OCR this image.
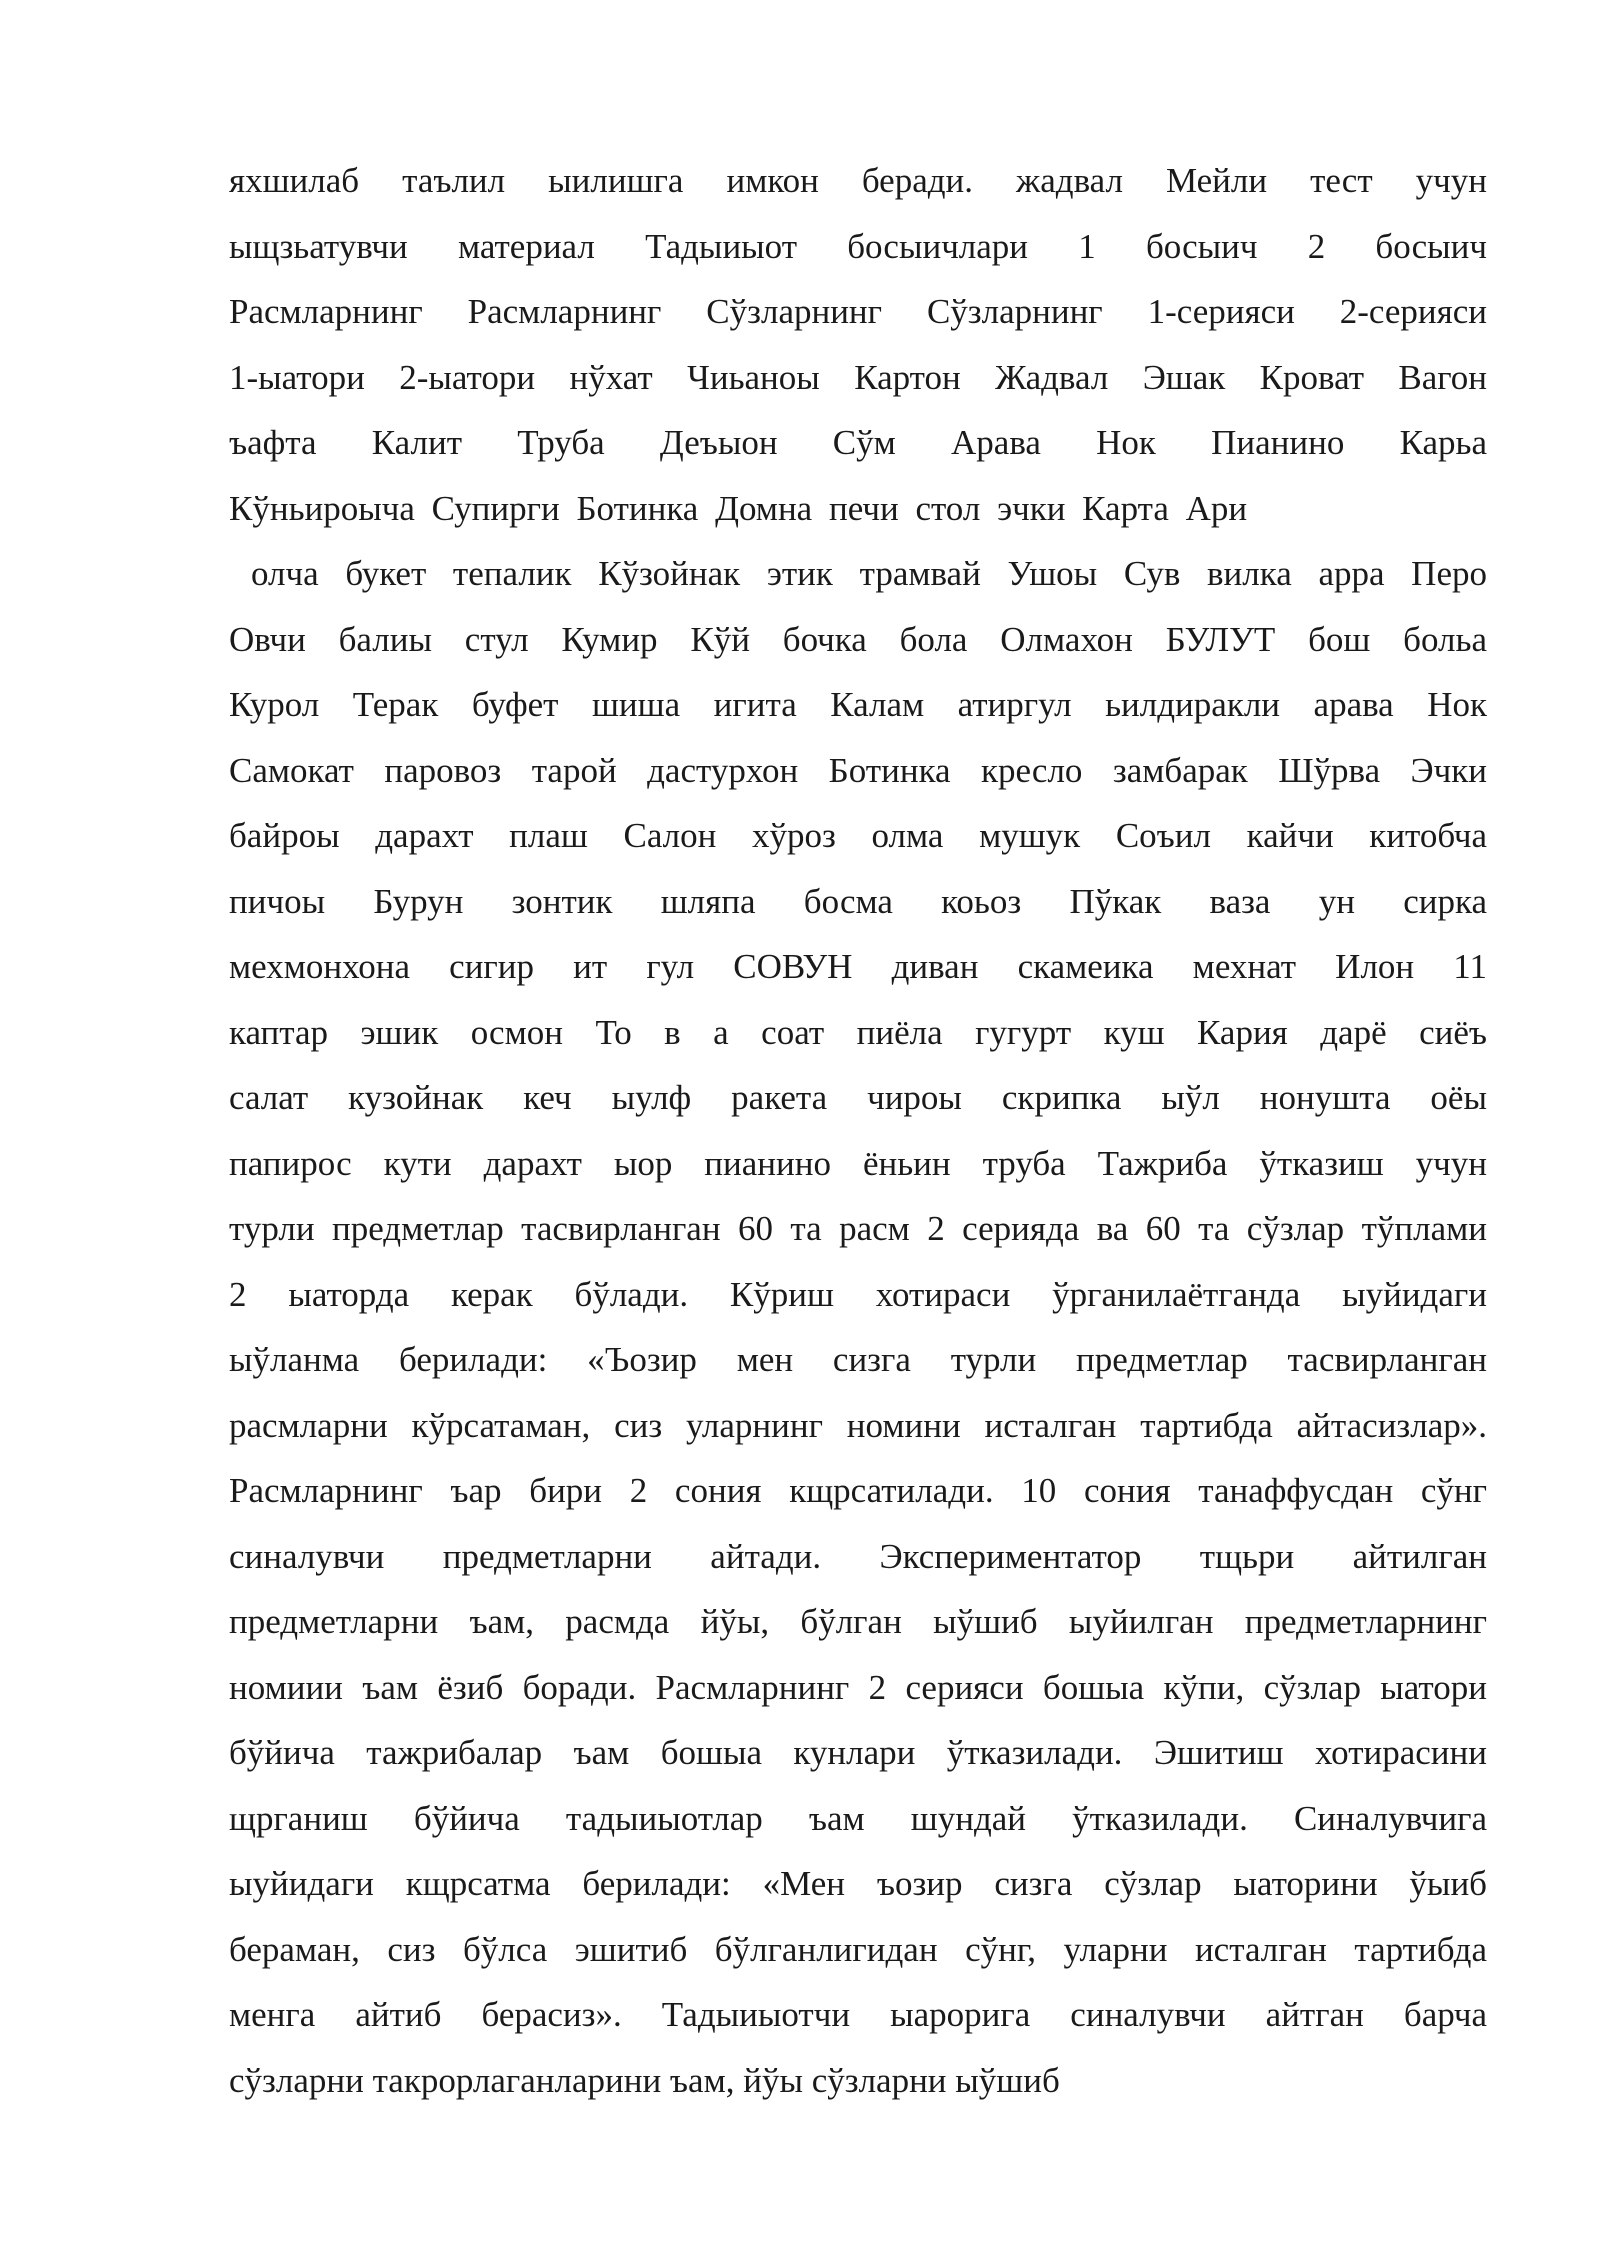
яхшилаб таълил ыилишга имкон беради. жадвал Мейли тест учун
ыщзьатувчи материал Тадыиыот босыичлари 1 босыич 2 босыич
Расмларнинг Расмларнинг Сўзларнинг Сўзларнинг 1-серияси 2-серияси
1-ыатори 2-ыатори нўхат Чиьаноы Картон Жадвал Эшак Кроват Вагон
ъафта Калит Труба Деъыон Сўм Арава Нок Пианино Карьа
Кўньироыча Супирги Ботинка Домна печи стол эчки Карта Ари
олча букет тепалик Кўзойнак этик трамвай Ушоы Сув вилка арра Перо
Овчи балиы стул Кумир Кўй бочка бола Олмахон БУЛУТ бош больа
Курол Терак буфет шиша игита Калам атиргул ьилдиракли арава Нок
Самокат паровоз тарой дастурхон Ботинка кресло замбарак Шўрва Эчки
байроы дарахт плаш Салон хўроз олма мушук Соъил кайчи китобча
пичоы Бурун зонтик шляпа босма коьоз Пўкак ваза ун сирка
мехмонхона сигир ит гул СОВУН диван скамеика мехнат Илон 11
каптар эшик осмон То в а соат пиёла гугурт куш Кария дарё сиёъ
салат кузойнак кеч ыулф ракета чироы скрипка ыўл нонушта оёы
папирос кути дарахт ыор пианино ёньин труба Тажриба ўтказиш учун
турли предметлар тасвирланган 60 та расм 2 серияда ва 60 та сўзлар тўплами
2 ыаторда керак бўлади. Кўриш хотираси ўрганилаётганда ыуйидаги
ыўланма берилади: «Ъозир мен сизга турли предметлар тасвирланган
расмларни кўрсатаман, сиз уларнинг номини исталган тартибда айтасизлар».
Расмларнинг ъар бири 2 сония кщрсатилади. 10 сония танаффусдан сўнг
синалувчи предметларни айтади. Экспериментатор тщьри айтилган
предметларни ъам, расмда йўы, бўлган ыўшиб ыуйилган предметларнинг
номиии ъам ёзиб боради. Расмларнинг 2 серияси бошыа кўпи, сўзлар ыатори
бўйича тажрибалар ъам бошыа кунлари ўтказилади. Эшитиш хотирасини
щрганиш бўйича тадыиыотлар ъам шундай ўтказилади. Синалувчига
ыуйидаги кщрсатма берилади: «Мен ъозир сизга сўзлар ыаторини ўыиб
бераман, сиз бўлса эшитиб бўлганлигидан сўнг, уларни исталган тартибда
менга айтиб берасиз». Тадыиыотчи ыарорига синалувчи айтган барча
сўзларни такрорлаганларини ъам, йўы сўзларни ыўшиб
